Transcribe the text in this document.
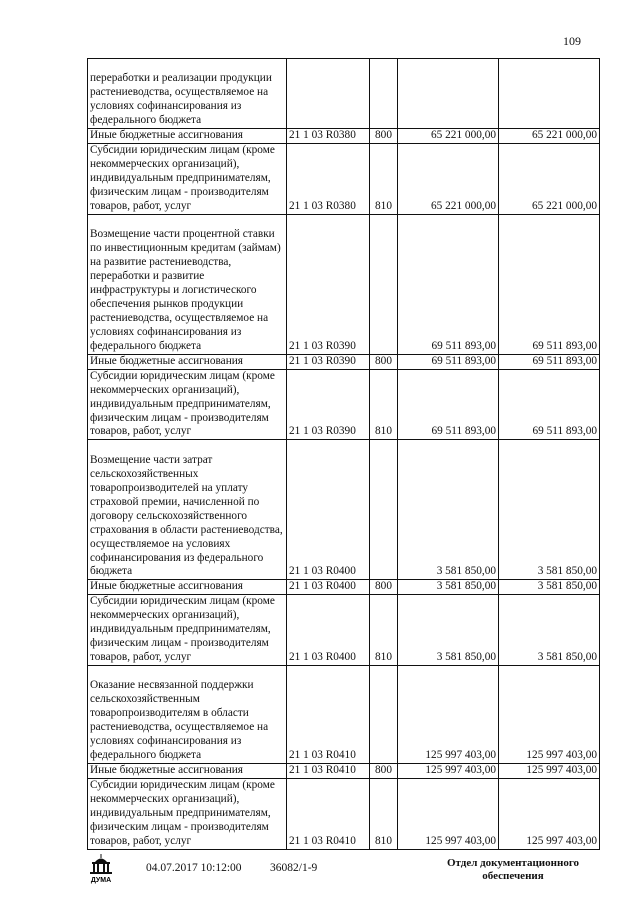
109
переработки и реализации продукции растениеводства, осуществляемое на условиях софинансирования из федерального бюджета				
Иные бюджетные ассигнования	21 1 03 R0380	800	65 221 000,00	65 221 000,00
Субсидии юридическим лицам (кроме некоммерческих организаций), индивидуальным предпринимателям, физическим лицам - производителям товаров, работ, услуг	21 1 03 R0380	810	65 221 000,00	65 221 000,00
Возмещение части процентной ставки по инвестиционным кредитам (займам) на развитие растениеводства, переработки и развитие инфраструктуры и логистического обеспечения рынков продукции растениеводства, осуществляемое на условиях софинансирования из федерального бюджета	21 1 03 R0390		69 511 893,00	69 511 893,00
Иные бюджетные ассигнования	21 1 03 R0390	800	69 511 893,00	69 511 893,00
Субсидии юридическим лицам (кроме некоммерческих организаций), индивидуальным предпринимателям, физическим лицам - производителям товаров, работ, услуг	21 1 03 R0390	810	69 511 893,00	69 511 893,00
Возмещение части затрат сельскохозяйственных товаропроизводителей на уплату страховой премии, начисленной по договору сельскохозяйственного страхования в области растениеводства, осуществляемое на условиях софинансирования из федерального бюджета	21 1 03 R0400		3 581 850,00	3 581 850,00
Иные бюджетные ассигнования	21 1 03 R0400	800	3 581 850,00	3 581 850,00
Субсидии юридическим лицам (кроме некоммерческих организаций), индивидуальным предпринимателям, физическим лицам - производителям товаров, работ, услуг	21 1 03 R0400	810	3 581 850,00	3 581 850,00
Оказание несвязанной поддержки сельскохозяйственным товаропроизводителям в области растениеводства, осуществляемое на условиях софинансирования из федерального бюджета	21 1 03 R0410		125 997 403,00	125 997 403,00
Иные бюджетные ассигнования	21 1 03 R0410	800	125 997 403,00	125 997 403,00
Субсидии юридическим лицам (кроме некоммерческих организаций), индивидуальным предпринимателям, физическим лицам - производителям товаров, работ, услуг	21 1 03 R0410	810	125 997 403,00	125 997 403,00
ДУМА
04.07.2017 10:12:00 36082/1-9	Отдел документационного обеспечения
